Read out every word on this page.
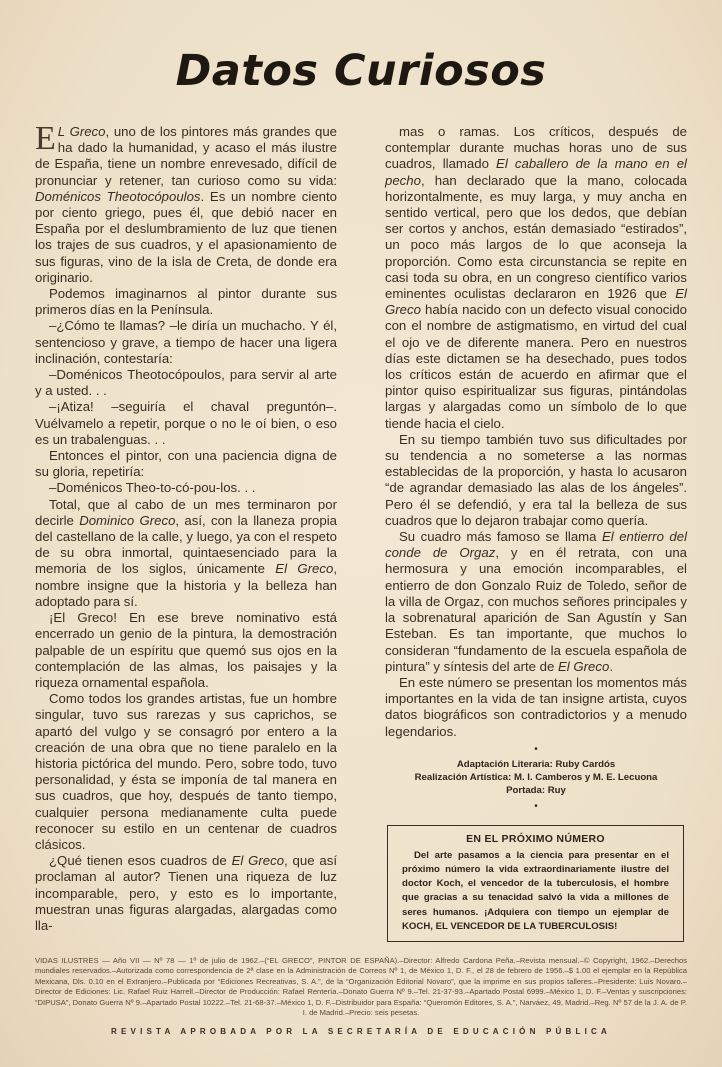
Datos Curiosos

E L Greco, uno de los pintores más grandes que ha dado la humanidad, y acaso el más ilustre de España, tiene un nombre enrevesado, difícil de pronunciar y retener, tan curioso como su vida: Doménicos Theotocópoulos. Es un nombre ciento por ciento griego, pues él, que debió nacer en España por el deslumbramiento de luz que tienen los trajes de sus cuadros, y el apasionamiento de sus figuras, vino de la isla de Creta, de donde era originario.

Podemos imaginarnos al pintor durante sus primeros días en la Península.

–¿Cómo te llamas? –le diría un muchacho. Y él, sentencioso y grave, a tiempo de hacer una ligera inclinación, contestaría:

–Doménicos Theotocópoulos, para servir al arte y a usted. . .

–¡Atiza! –seguiría el chaval preguntón–. Vuélvamelo a repetir, porque o no le oí bien, o eso es un trabalenguas. . .

Entonces el pintor, con una paciencia digna de su gloria, repetiría:

–Doménicos Theo-to-có-pou-los. . .

Total, que al cabo de un mes terminaron por decirle Dominico Greco, así, con la llaneza propia del castellano de la calle, y luego, ya con el respeto de su obra inmortal, quintaesenciado para la memoria de los siglos, únicamente El Greco, nombre insigne que la historia y la belleza han adoptado para sí.

¡El Greco! En ese breve nominativo está encerrado un genio de la pintura, la demostración palpable de un espíritu que quemó sus ojos en la contemplación de las almas, los paisajes y la riqueza ornamental española.

Como todos los grandes artistas, fue un hombre singular, tuvo sus rarezas y sus caprichos, se apartó del vulgo y se consagró por entero a la creación de una obra que no tiene paralelo en la historia pictórica del mundo. Pero, sobre todo, tuvo personalidad, y ésta se imponía de tal manera en sus cuadros, que hoy, después de tanto tiempo, cualquier persona medianamente culta puede reconocer su estilo en un centenar de cuadros clásicos.

¿Qué tienen esos cuadros de El Greco, que así proclaman al autor? Tienen una riqueza de luz incomparable, pero, y esto es lo importante, muestran unas figuras alargadas, alargadas como lla-

mas o ramas. Los críticos, después de contemplar durante muchas horas uno de sus cuadros, llamado El caballero de la mano en el pecho, han declarado que la mano, colocada horizontalmente, es muy larga, y muy ancha en sentido vertical, pero que los dedos, que debían ser cortos y anchos, están demasiado “estirados”, un poco más largos de lo que aconseja la proporción. Como esta circunstancia se repite en casi toda su obra, en un congreso científico varios eminentes oculistas declararon en 1926 que El Greco había nacido con un defecto visual conocido con el nombre de astigmatismo, en virtud del cual el ojo ve de diferente manera. Pero en nuestros días este dictamen se ha desechado, pues todos los críticos están de acuerdo en afirmar que el pintor quiso espiritualizar sus figuras, pintándolas largas y alargadas como un símbolo de lo que tiende hacia el cielo.

En su tiempo también tuvo sus dificultades por su tendencia a no someterse a las normas establecidas de la proporción, y hasta lo acusaron “de agrandar demasiado las alas de los ángeles”. Pero él se defendió, y era tal la belleza de sus cuadros que lo dejaron trabajar como quería.

Su cuadro más famoso se llama El entierro del conde de Orgaz, y en él retrata, con una hermosura y una emoción incomparables, el entierro de don Gonzalo Ruiz de Toledo, señor de la villa de Orgaz, con muchos señores principales y la sobrenatural aparición de San Agustín y San Esteban. Es tan importante, que muchos lo consideran “fundamento de la escuela española de pintura” y síntesis del arte de El Greco.

En este número se presentan los momentos más importantes en la vida de tan insigne artista, cuyos datos biográficos son contradictorios y a menudo legendarios.

•
Adaptación Literaria: Ruby Cardós
Realización Artística: M. I. Camberos y M. E. Lecuona
Portada: Ruy
•
EN EL PRÓXIMO NÚMERO

Del arte pasamos a la ciencia para presentar en el próximo número la vida extraordinariamente ilustre del doctor Koch, el vencedor de la tuberculosis, el hombre que gracias a su tenacidad salvó la vida a millones de seres humanos. ¡Adquiera con tiempo un ejemplar de KOCH, EL VENCEDOR DE LA TUBERCULOSIS!

VIDAS ILUSTRES — Año VII — Nº 78 — 1º de julio de 1962.–(“EL GRECO”, PINTOR DE ESPAÑA).–Director: Alfredo Cardona Peña.–Revista mensual.–© Copyright, 1962.–Derechos mundiales reservados.–Autorizada como correspondencia de 2ª clase en la Administración de Correos Nº 1, de México 1, D. F., el 28 de febrero de 1956.–$ 1.00 el ejemplar en la República Mexicana, Dls. 0.10 en el Extranjero.–Publicada por “Ediciones Recreativas, S. A.”, de la “Organización Editorial Novaro”, que la imprime en sus propios talleres.–Presidente: Luis Novaro.–Director de Ediciones: Lic. Rafael Ruiz Harrell.–Director de Producción: Rafael Rentería.–Donato Guerra Nº 9.–Tel. 21-37-93.–Apartado Postal 6999.–México 1, D. F.–Ventas y suscripciones: “DIPUSA”, Donato Guerra Nº 9.–Apartado Postal 10222.–Tel. 21-68-37.–México 1, D. F.–Distribuidor para España: “Queromón Editores, S. A.”, Narváez, 49, Madrid.–Reg. Nº 57 de la J. A. de P. I. de Madrid.–Precio: seis pesetas.
REVISTA APROBADA POR LA SECRETARÍA DE EDUCACIÓN PÚBLICA
